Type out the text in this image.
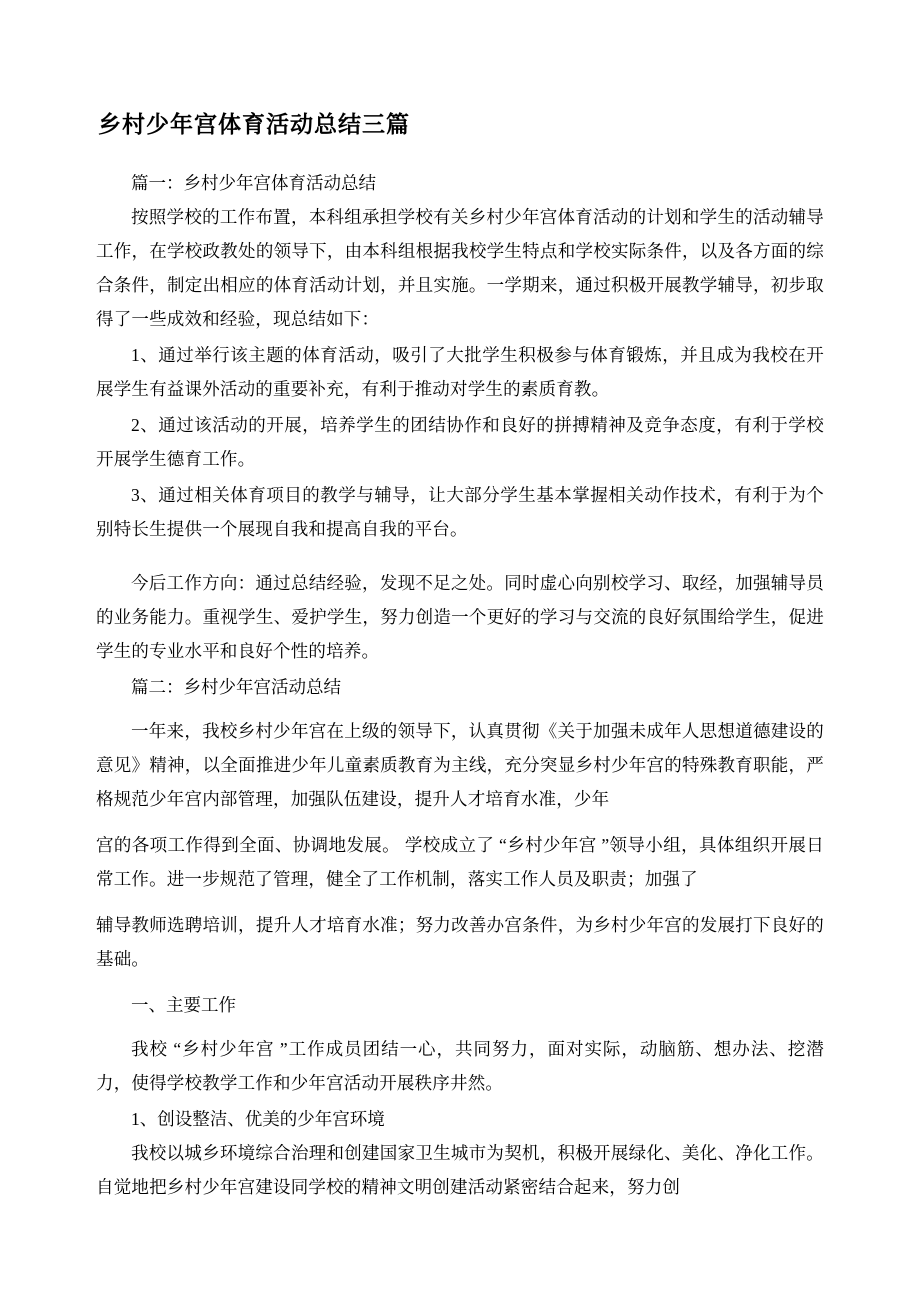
乡村少年宫体育活动总结三篇

篇一：乡村少年宫体育活动总结

按照学校的工作布置，本科组承担学校有关乡村少年宫体育活动的计划和学生的活动辅导工作，在学校政教处的领导下，由本科组根据我校学生特点和学校实际条件，以及各方面的综合条件，制定出相应的体育活动计划，并且实施。一学期来，通过积极开展教学辅导，初步取得了一些成效和经验，现总结如下：

1、通过举行该主题的体育活动，吸引了大批学生积极参与体育锻炼，并且成为我校在开展学生有益课外活动的重要补充，有利于推动对学生的素质育教。

2、通过该活动的开展，培养学生的团结协作和良好的拼搏精神及竞争态度，有利于学校开展学生德育工作。

3、通过相关体育项目的教学与辅导，让大部分学生基本掌握相关动作技术，有利于为个别特长生提供一个展现自我和提高自我的平台。

今后工作方向：通过总结经验，发现不足之处。同时虚心向别校学习、取经，加强辅导员的业务能力。重视学生、爱护学生，努力创造一个更好的学习与交流的良好氛围给学生，促进学生的专业水平和良好个性的培养。

篇二：乡村少年宫活动总结

一年来，我校乡村少年宫在上级的领导下，认真贯彻《关于加强未成年人思想道德建设的意见》精神，以全面推进少年儿童素质教育为主线，充分突显乡村少年宫的特殊教育职能，严格规范少年宫内部管理，加强队伍建设，提升人才培育水准，少年

宫的各项工作得到全面、协调地发展。 学校成立了 “乡村少年宫 ”领导小组，具体组织开展日常工作。进一步规范了管理，健全了工作机制，落实工作人员及职责；加强了

辅导教师选聘培训，提升人才培育水准；努力改善办宫条件，为乡村少年宫的发展打下良好的基础。

一、主要工作

我校 “乡村少年宫 ”工作成员团结一心，共同努力，面对实际，动脑筋、想办法、挖潜力，使得学校教学工作和少年宫活动开展秩序井然。

1、创设整洁、优美的少年宫环境

我校以城乡环境综合治理和创建国家卫生城市为契机，积极开展绿化、美化、净化工作。自觉地把乡村少年宫建设同学校的精神文明创建活动紧密结合起来，努力创
